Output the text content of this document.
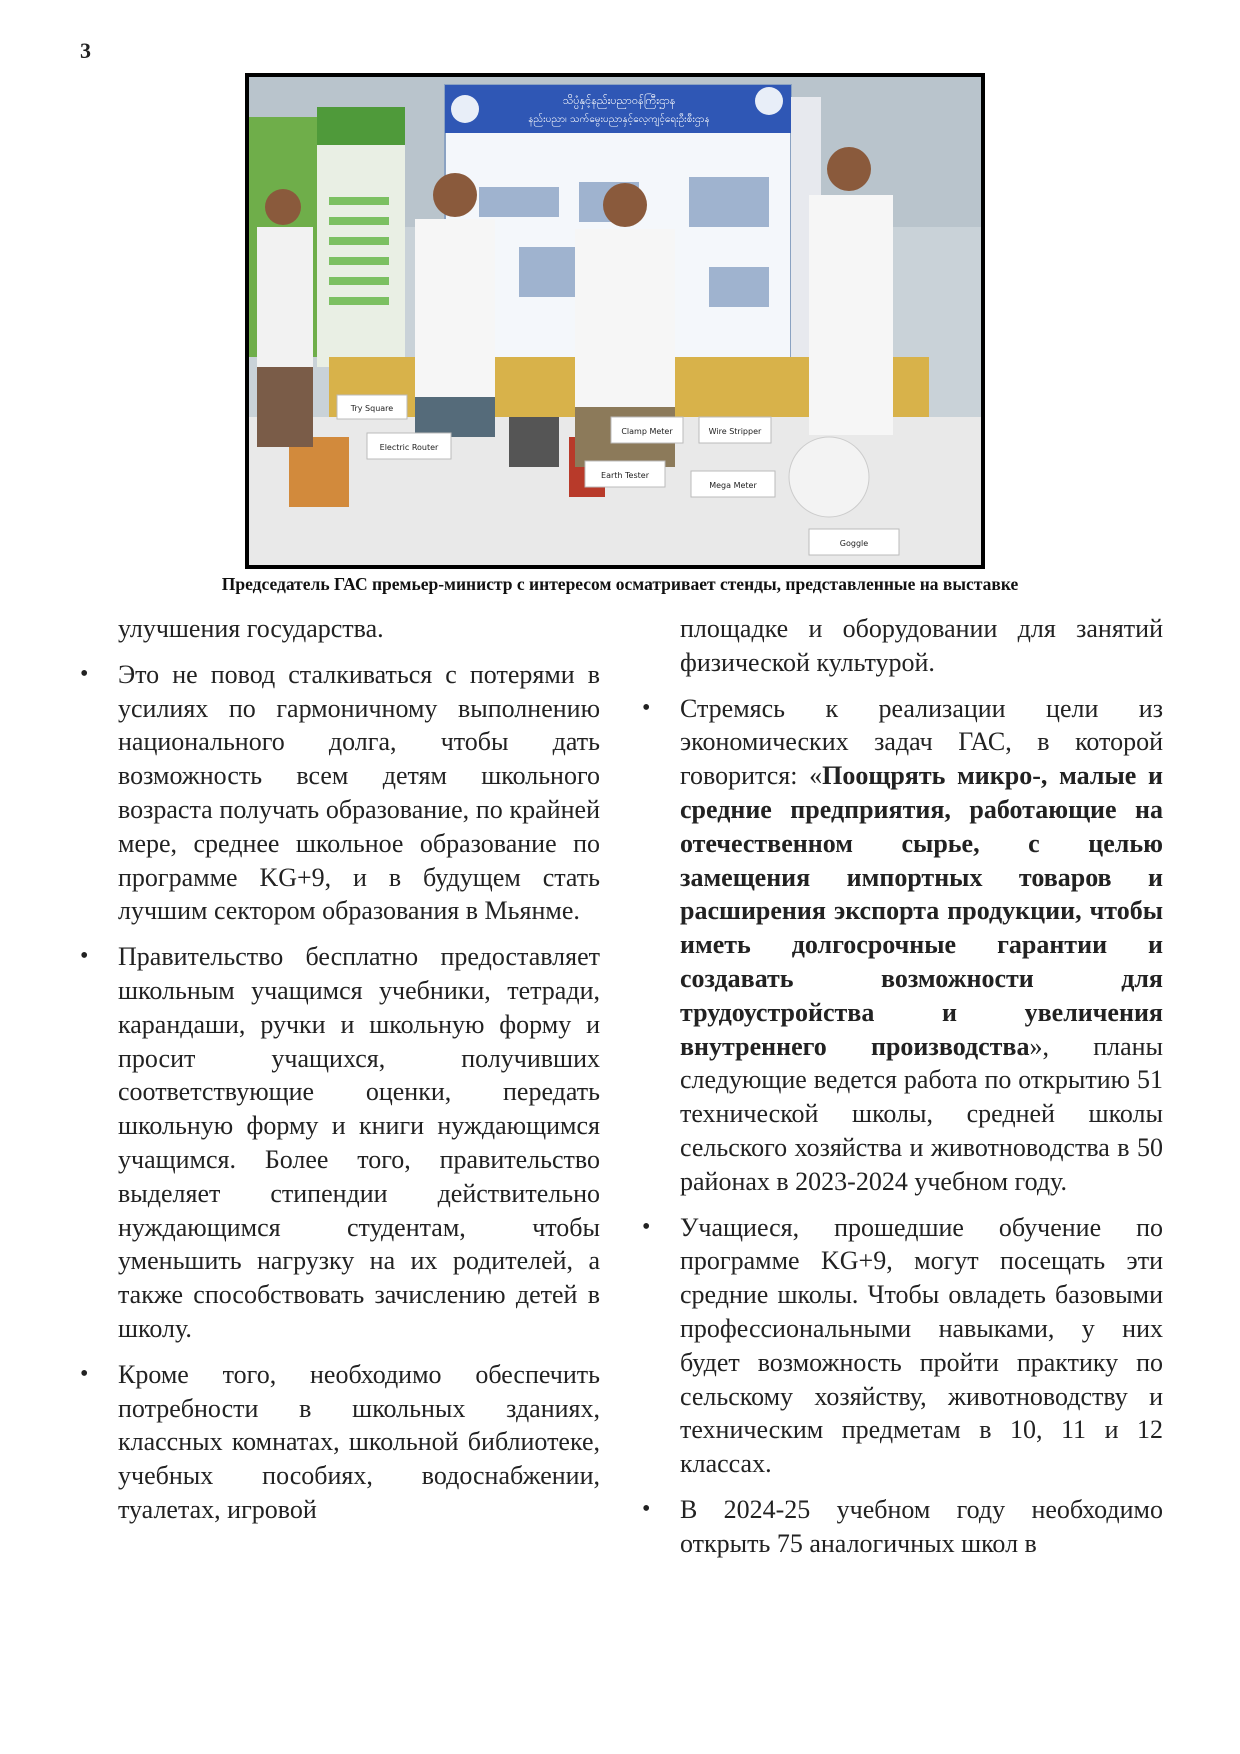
3
သိပ္ပံနှင့်နည်းပညာဝန်ကြီးဌာန
နည်းပညာ၊ သက်မွေးပညာနှင့်လေ့ကျင့်ရေးဦးစီးဌာန
Try Square
Electric Router
Clamp Meter	Wire Stripper
Earth Tester
Mega Meter
Goggle
Председатель ГАС премьер-министр с интересом осматривает стенды, представленные на выставке

улучшения государства.

• Это не повод сталкиваться с потерями в усилиях по гармоничному выполнению национального долга, чтобы дать возможность всем детям школьного возраста получать образование, по крайней мере, среднее школьное образование по программе KG+9, и в будущем стать лучшим сектором образования в Мьянме.
• Правительство бесплатно предоставляет школьным учащимся учебники, тетради, карандаши, ручки и школьную форму и просит учащихся, получивших соответствующие оценки, передать школьную форму и книги нуждающимся учащимся. Более того, правительство выделяет стипендии действительно нуждающимся студентам, чтобы уменьшить нагрузку на их родителей, а также способствовать зачислению детей в школу.
• Кроме того, необходимо обеспечить потребности в школьных зданиях, классных комнатах, школьной библиотеке, учебных пособиях, водоснабжении, туалетах, игровой

площадке и оборудовании для занятий физической культурой.

• Стремясь к реализации цели из экономических задач ГАС, в которой говорится: «Поощрять микро-, малые и средние предприятия, работающие на отечественном сырье, с целью замещения импортных товаров и расширения экспорта продукции, чтобы иметь долгосрочные гарантии и создавать возможности для трудоустройства и увеличения внутреннего производства», планы следующие ведется работа по открытию 51 технической школы, средней школы сельского хозяйства и животноводства в 50 районах в 2023-2024 учебном году.
• Учащиеся, прошедшие обучение по программе KG+9, могут посещать эти средние школы. Чтобы овладеть базовыми профессиональными навыками, у них будет возможность пройти практику по сельскому хозяйству, животноводству и техническим предметам в 10, 11 и 12 классах.
• В 2024-25 учебном году необходимо открыть 75 аналогичных школ в
